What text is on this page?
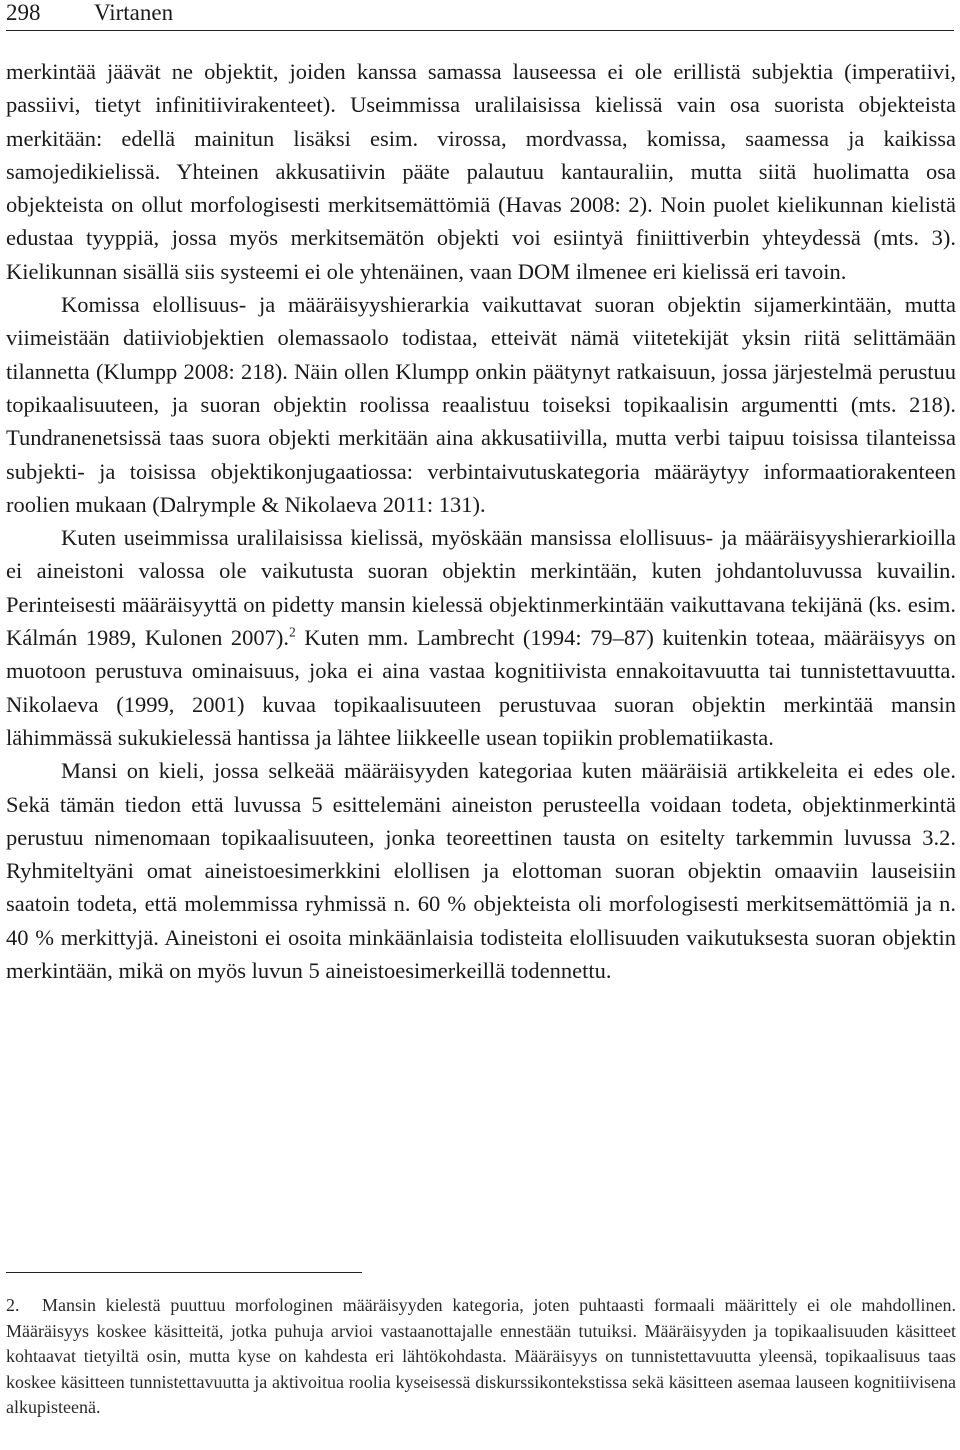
298 Virtanen

merkintää jäävät ne objektit, joiden kanssa samassa lauseessa ei ole erillistä subjektia (imperatiivi, passiivi, tietyt infinitiivirakenteet). Useimmissa uralilaisissa kielissä vain osa suorista objekteista merkitään: edellä mainitun lisäksi esim. virossa, mordvassa, komissa, saamessa ja kaikissa samojedikielissä. Yhteinen akkusatiivin pääte palautuu kantauraliin, mutta siitä huolimatta osa objekteista on ollut morfologisesti merkitsemättömiä (Havas 2008: 2). Noin puolet kielikunnan kielistä edustaa tyyppiä, jossa myös merkitsemätön objekti voi esiintyä finiittiverbin yhteydessä (mts. 3). Kielikunnan sisällä siis systeemi ei ole yhtenäinen, vaan DOM ilmenee eri kielissä eri tavoin.

Komissa elollisuus- ja määräisyyshierarkia vaikuttavat suoran objektin sijamerkintään, mutta viimeistään datiiviobjektien olemassaolo todistaa, etteivät nämä viitetekijät yksin riitä selittämään tilannetta (Klumpp 2008: 218). Näin ollen Klumpp onkin päätynyt ratkaisuun, jossa järjestelmä perustuu topikaalisuuteen, ja suoran objektin roolissa reaalistuu toiseksi topikaalisin argumentti (mts. 218). Tundranenetsissä taas suora objekti merkitään aina akkusatiivilla, mutta verbi taipuu toisissa tilanteissa subjekti- ja toisissa objektikonjugaatiossa: verbintaivutuskategoria määräytyy informaatiorakenteen roolien mukaan (Dalrymple & Nikolaeva 2011: 131).

Kuten useimmissa uralilaisissa kielissä, myöskään mansissa elollisuus- ja määräisyyshierarkioilla ei aineistoni valossa ole vaikutusta suoran objektin merkintään, kuten johdantoluvussa kuvailin. Perinteisesti määräisyyttä on pidetty mansin kielessä objektinmerkintään vaikuttavana tekijänä (ks. esim. Kálmán 1989, Kulonen 2007).$^2$ Kuten mm. Lambrecht (1994: 79–87) kuitenkin toteaa, määräisyys on muotoon perustuva ominaisuus, joka ei aina vastaa kognitiivista ennakoitavuutta tai tunnistettavuutta. Nikolaeva (1999, 2001) kuvaa topikaalisuuteen perustuvaa suoran objektin merkintää mansin lähimmässä sukukielessä hantissa ja lähtee liikkeelle usean topiikin problematiikasta.

Mansi on kieli, jossa selkeää määräisyyden kategoriaa kuten määräisiä artikkeleita ei edes ole. Sekä tämän tiedon että luvussa 5 esittelemäni aineiston perusteella voidaan todeta, objektinmerkintä perustuu nimenomaan topikaalisuuteen, jonka teoreettinen tausta on esitelty tarkemmin luvussa 3.2. Ryhmiteltyäni omat aineistoesimerkkini elollisen ja elottoman suoran objektin omaaviin lauseisiin saatoin todeta, että molemmissa ryhmissä n. 60 % objekteista oli morfologisesti merkitsemättömiä ja n. 40 % merkittyjä. Aineistoni ei osoita minkäänlaisia todisteita elollisuuden vaikutuksesta suoran objektin merkintään, mikä on myös luvun 5 aineistoesimerkeillä todennettu.

2. Mansin kielestä puuttuu morfologinen määräisyyden kategoria, joten puhtaasti formaali määrittely ei ole mahdollinen. Määräisyys koskee käsitteitä, jotka puhuja arvioi vastaanottajalle ennestään tutuiksi. Määräisyyden ja topikaalisuuden käsitteet kohtaavat tietyiltä osin, mutta kyse on kahdesta eri lähtökohdasta. Määräisyys on tunnistettavuutta yleensä, topikaalisuus taas koskee käsitteen tunnistettavuutta ja aktivoitua roolia kyseisessä diskurssikontekstissa sekä käsitteen asemaa lauseen kognitiivisena alkupisteenä.
